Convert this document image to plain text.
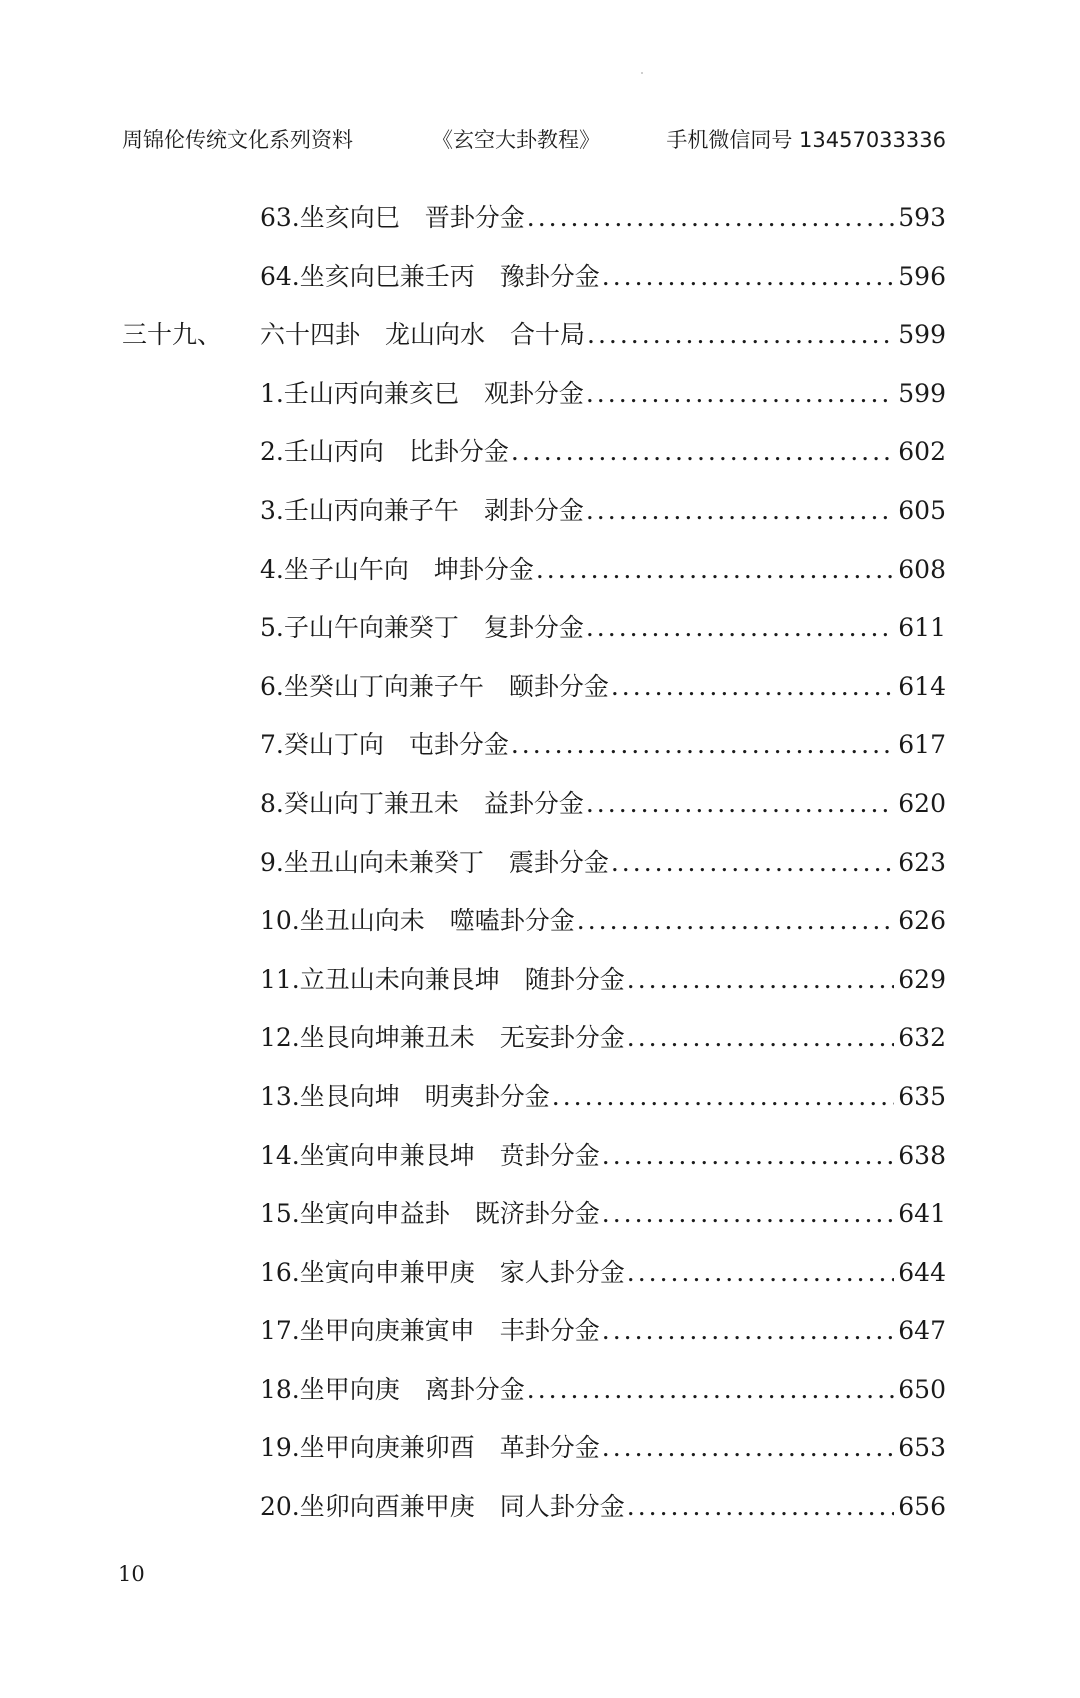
周锦伦传统文化系列资料	《玄空大卦教程》	手机微信同号 13457033336
63.坐亥向巳　晋卦分金 .....	593
64.坐亥向巳兼壬丙　豫卦分金 .....	596
三十九、 六十四卦　龙山向水　合十局 .....	599
1.壬山丙向兼亥巳　观卦分金 .....	599
2.壬山丙向　比卦分金 .....	602
3.壬山丙向兼子午　剥卦分金 .....	605
4.坐子山午向　坤卦分金 .....	608
5.子山午向兼癸丁　复卦分金 .....	611
6.坐癸山丁向兼子午　颐卦分金 .....	614
7.癸山丁向　屯卦分金 .....	617
8.癸山向丁兼丑未　益卦分金 .....	620
9.坐丑山向未兼癸丁　震卦分金 .....	623
10.坐丑山向未　噬嗑卦分金 .....	626
11.立丑山未向兼艮坤　随卦分金 .....	629
12.坐艮向坤兼丑未　无妄卦分金 .....	632
13.坐艮向坤　明夷卦分金 .....	635
14.坐寅向申兼艮坤　贲卦分金 .....	638
15.坐寅向申益卦　既济卦分金 .....	641
16.坐寅向申兼甲庚　家人卦分金 .....	644
17.坐甲向庚兼寅申　丰卦分金 .....	647
18.坐甲向庚　离卦分金 .....	650
19.坐甲向庚兼卯酉　革卦分金 .....	653
20.坐卯向酉兼甲庚　同人卦分金 .....	656
10
